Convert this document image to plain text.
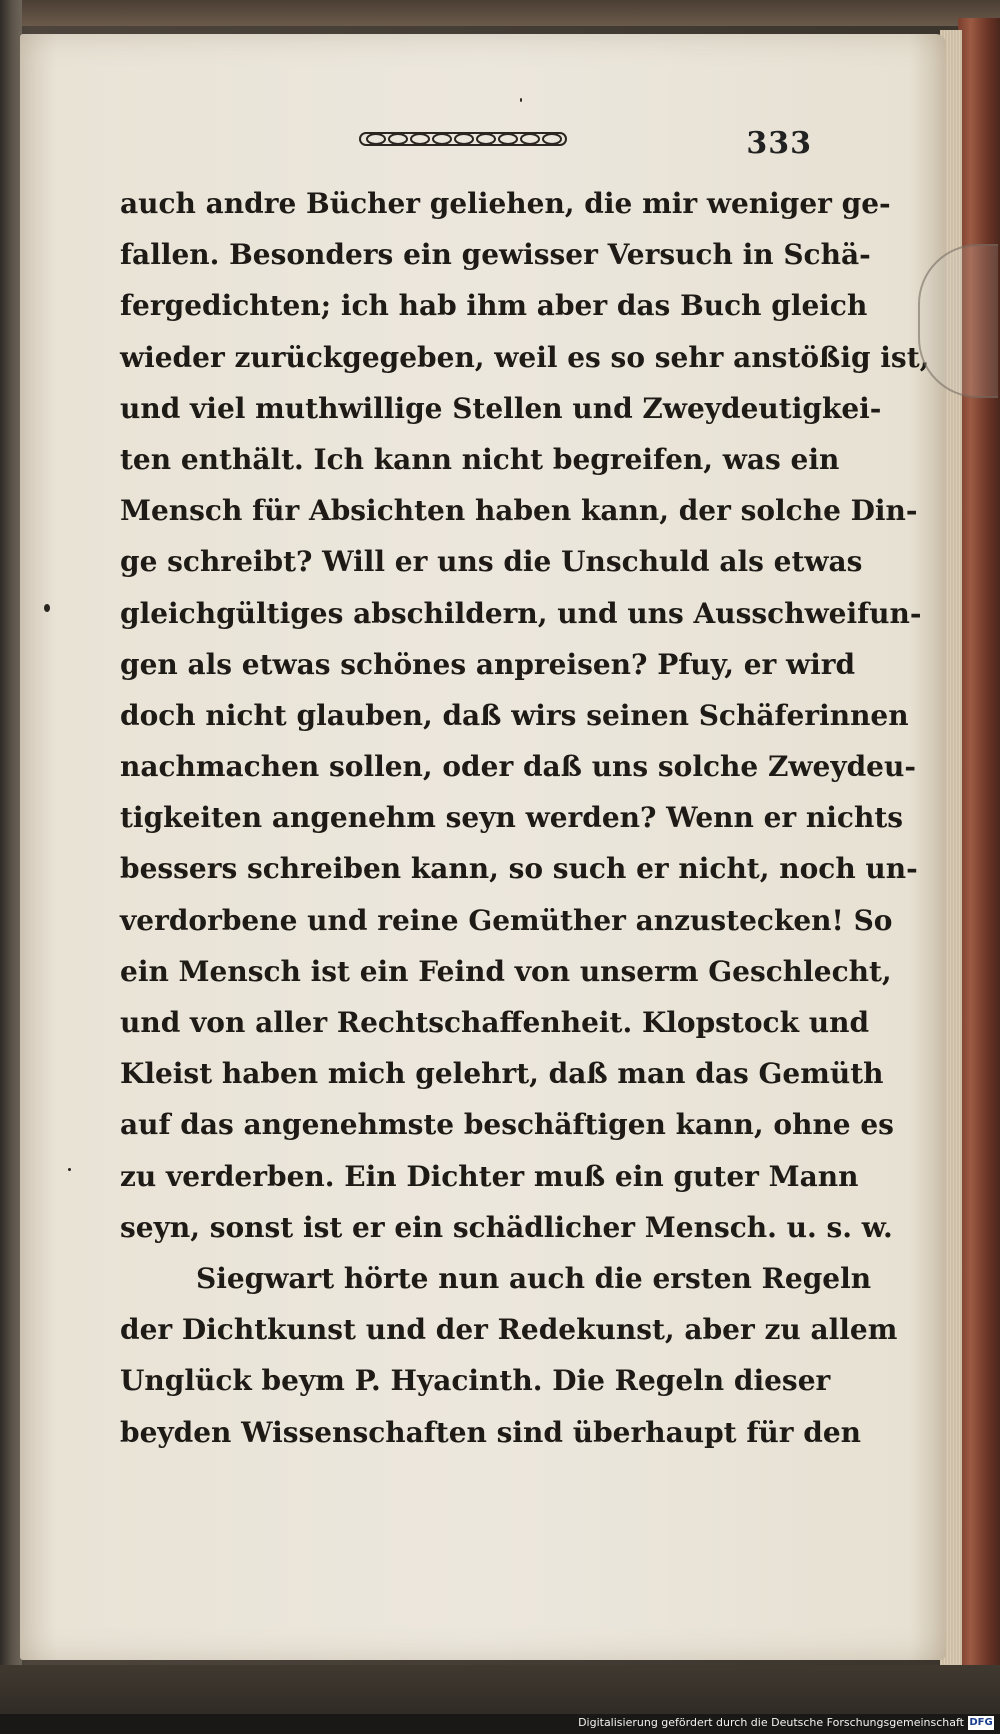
333
auch andre Bücher geliehen, die mir weniger ge-
fallen. Besonders ein gewisser Versuch in Schä-
fergedichten; ich hab ihm aber das Buch gleich
wieder zurückgegeben, weil es so sehr anstößig ist,
und viel muthwillige Stellen und Zweydeutigkei-
ten enthält. Ich kann nicht begreifen, was ein
Mensch für Absichten haben kann, der solche Din-
ge schreibt? Will er uns die Unschuld als etwas
gleichgültiges abschildern, und uns Ausschweifun-
gen als etwas schönes anpreisen? Pfuy, er wird
doch nicht glauben, daß wirs seinen Schäferinnen
nachmachen sollen, oder daß uns solche Zweydeu-
tigkeiten angenehm seyn werden? Wenn er nichts
bessers schreiben kann, so such er nicht, noch un-
verdorbene und reine Gemüther anzustecken! So
ein Mensch ist ein Feind von unserm Geschlecht,
und von aller Rechtschaffenheit. Klopstock und
Kleist haben mich gelehrt, daß man das Gemüth
auf das angenehmste beschäftigen kann, ohne es
zu verderben. Ein Dichter muß ein guter Mann
seyn, sonst ist er ein schädlicher Mensch. u. s. w.
Siegwart hörte nun auch die ersten Regeln
der Dichtkunst und der Redekunst, aber zu allem
Unglück beym P. Hyacinth. Die Regeln dieser
beyden Wissenschaften sind überhaupt für den
Digitalisierung gefördert durch die Deutsche Forschungsgemeinschaft DFG
